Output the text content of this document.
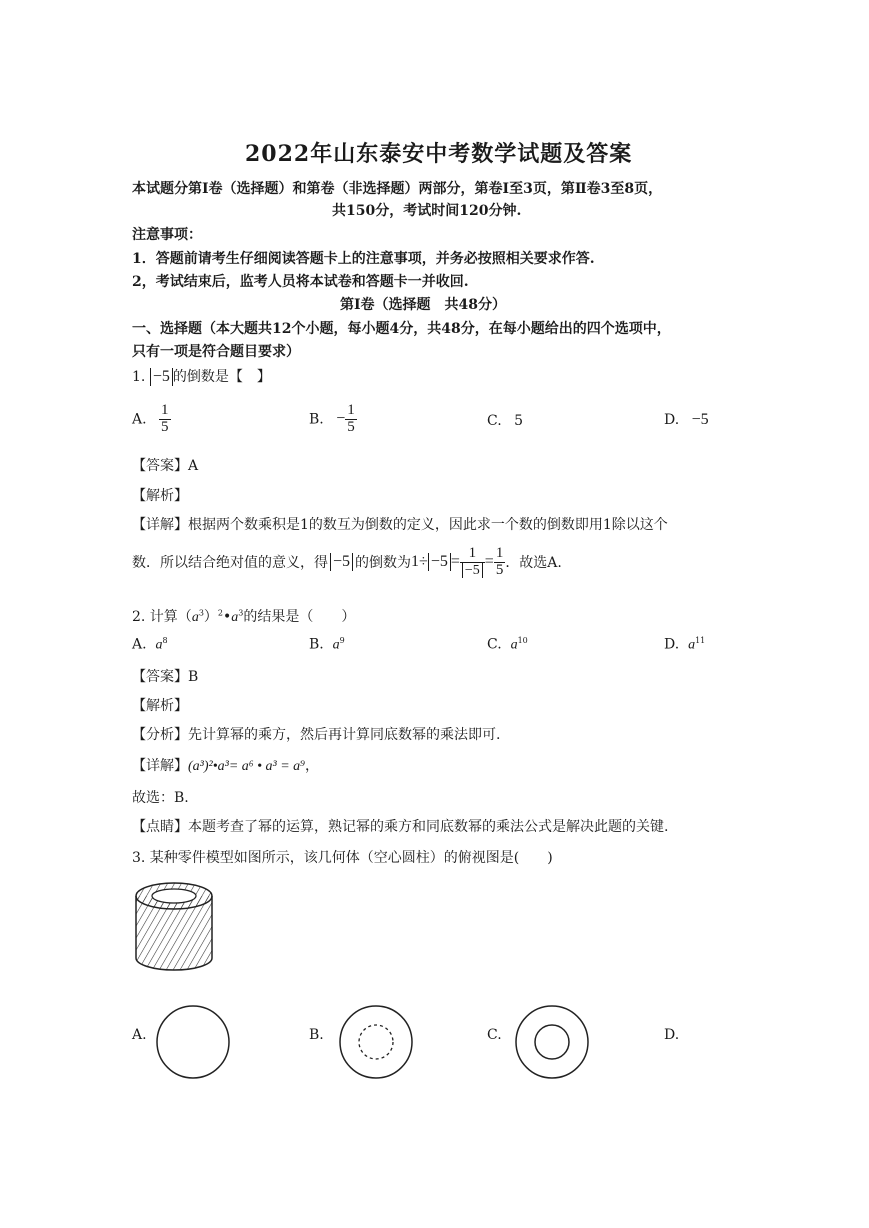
2022年山东泰安中考数学试题及答案
本试题分第Ⅰ卷（选择题）和第卷（非选择题）两部分，第卷Ⅰ至3页，第Ⅱ卷3至8页，
共150分，考试时间120分钟.
注意事项：
1．答题前请考生仔细阅读答题卡上的注意事项，并务必按照相关要求作答.
2，考试结束后，监考人员将本试卷和答题卡一并收回.
第Ⅰ卷（选择题　共48分）
一、选择题（本大题共12个小题，每小题4分，共48分，在每小题给出的四个选项中，
只有一项是符合题目要求）
1. −5 的倒数是【　】
A. $\frac{1}{5}$	B. − $\frac{1}{5}$	C. 5	D. −5
【答案】A
【解析】
【详解】根据两个数乘积是1的数互为倒数的定义，因此求一个数的倒数即用1除以这个
数．所以结合绝对值的意义，得 −5 的倒数为 $1\div -5 = \frac{1}{-5} = \frac{1}{5}$ ．故选A.
2. 计算$(a^3)^2•a^3$的结果是（　　）
A. $a^8$	B. $a^9$	C. $a^{10}$	D. $a^{11}$
【答案】B
【解析】
【分析】先计算幂的乘方，然后再计算同底数幂的乘法即可.
【详解】(a³)²•a³= a⁶ • a³ = a⁹，
故选：B.
【点睛】本题考查了幂的运算，熟记幂的乘方和同底数幂的乘法公式是解决此题的关键.
3. 某种零件模型如图所示，该几何体（空心圆柱）的俯视图是(　　)
A.	B.	C.	D.
